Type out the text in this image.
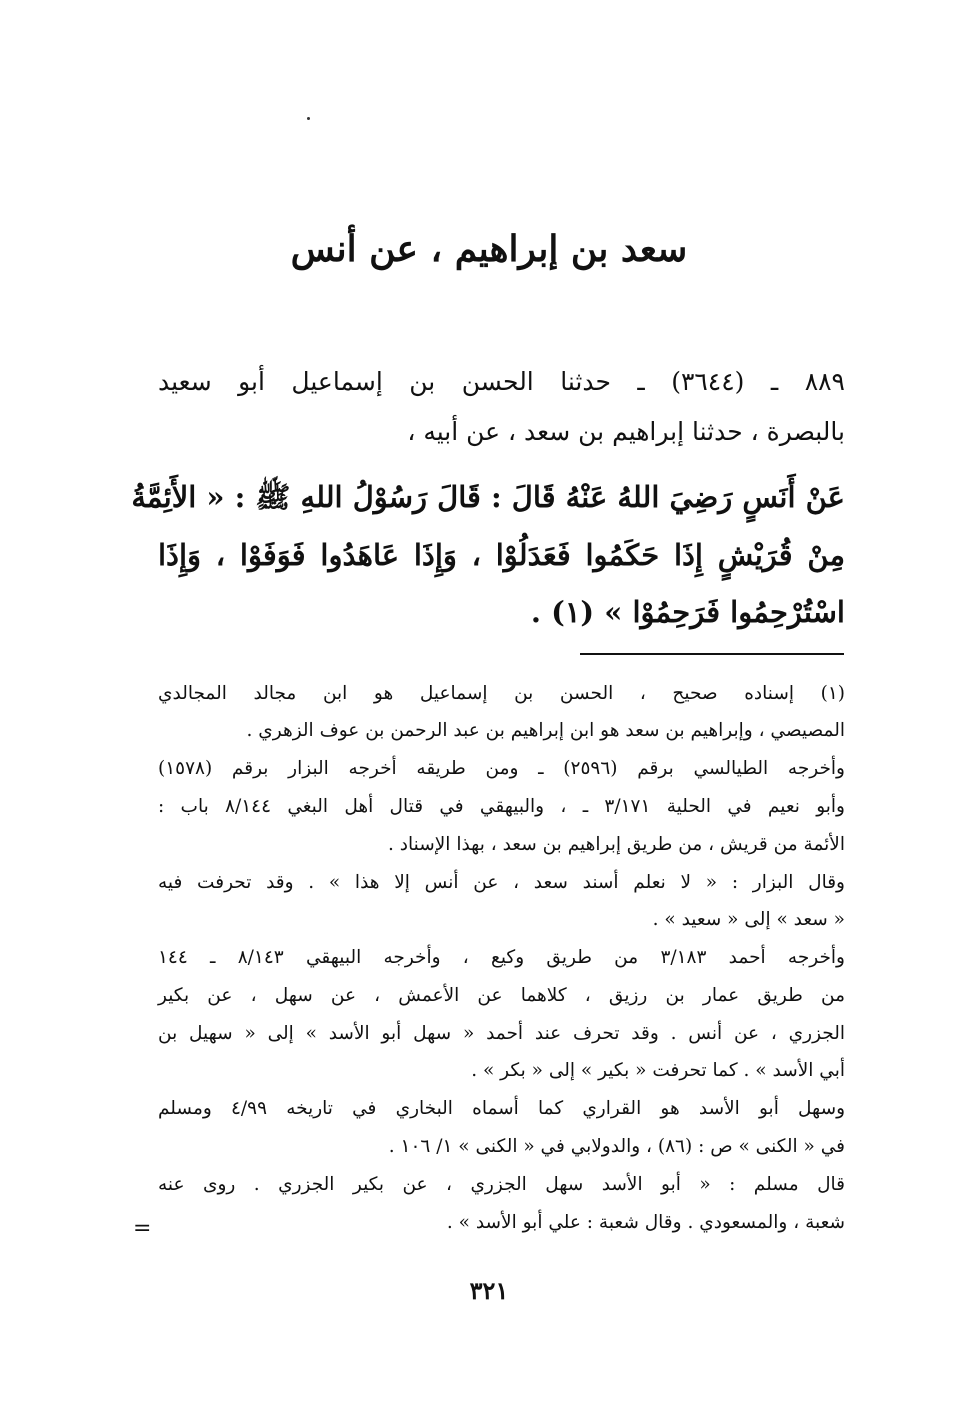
سعد بن إبراهيم ، عن أنس
٨٨٩ ـ (٣٦٤٤) ـ حدثنا الحسن بن إسماعيل أبو سعيد
بالبصرة ، حدثنا إبراهيم بن سعد ، عن أبيه ،
عَنْ أَنَسٍ رَضِيَ اللهُ عَنْهُ قَالَ : قَالَ رَسُوْلُ اللهِ ﷺ : « الأَئِمَّةُ
مِنْ قُرَيْشٍ إِذَا حَكَمُوا فَعَدَلُوْا ، وَإِذَا عَاهَدُوا فَوَفَوْا ، وَإِذَا
اسْتُرْحِمُوا فَرَحِمُوْا » (١) .
(١) إسناده صحيح ، الحسن بن إسماعيل هو ابن مجالد المجالدي
المصيصي ، وإبراهيم بن سعد هو ابن إبراهيم بن عبد الرحمن بن عوف الزهري .
وأخرجه الطيالسي برقم (٢٥٩٦) ـ ومن طريقه أخرجه البزار برقم (١٥٧٨)
وأبو نعيم في الحلية ٣/١٧١ ـ ، والبيهقي في قتال أهل البغي ٨/١٤٤ باب :
الأئمة من قريش ، من طريق إبراهيم بن سعد ، بهذا الإسناد .
وقال البزار : « لا نعلم أسند سعد ، عن أنس إلا هذا » . وقد تحرفت فيه
« سعد » إلى « سعيد » .
وأخرجه أحمد ٣/١٨٣ من طريق وكيع ، وأخرجه البيهقي ٨/١٤٣ ـ ١٤٤
من طريق عمار بن رزيق ، كلاهما عن الأعمش ، عن سهل ، عن بكير
الجزري ، عن أنس . وقد تحرف عند أحمد « سهل أبو الأسد » إلى « سهيل بن
أبي الأسد » . كما تحرفت « بكير » إلى « بكر » .
وسهل أبو الأسد هو القراري كما أسماه البخاري في تاريخه ٤/٩٩ ومسلم
في « الكنى » ص : (٨٦) ، والدولابي في « الكنى » ١/ ١٠٦ .
قال مسلم : « أبو الأسد سهل الجزري ، عن بكير الجزري . روى عنه
شعبة ، والمسعودي . وقال شعبة : علي أبو الأسد » .
=
٣٢١
